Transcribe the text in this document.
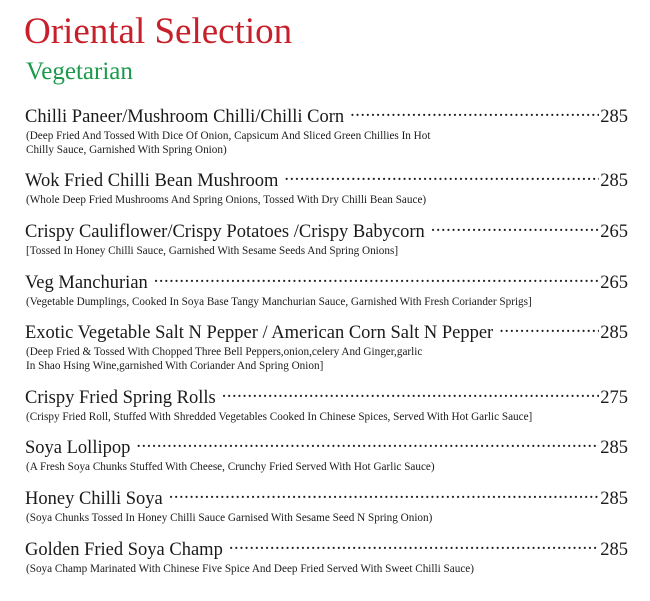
Oriental Selection
Vegetarian
Chilli Paneer/Mushroom Chilli/Chilli Corn .....	285
(Deep Fried And Tossed With Dice Of Onion, Capsicum And Sliced Green Chillies In Hot
Chilly Sauce, Garnished With Spring Onion)
Wok Fried Chilli Bean Mushroom .....	285
(Whole Deep Fried Mushrooms And Spring Onions, Tossed With Dry Chilli Bean Sauce)
Crispy Cauliflower/Crispy Potatoes /Crispy Babycorn .....	265
[Tossed In Honey Chilli Sauce, Garnished With Sesame Seeds And Spring Onions]
Veg Manchurian .....	265
(Vegetable Dumplings, Cooked In Soya Base Tangy Manchurian Sauce, Garnished With Fresh Coriander Sprigs]
Exotic Vegetable Salt N Pepper / American Corn Salt N Pepper .....	285
(Deep Fried & Tossed With Chopped Three Bell Peppers,onion,celery And Ginger,garlic
In Shao Hsing Wine,garnished With Coriander And Spring Onion]
Crispy Fried Spring Rolls .....	275
(Crispy Fried Roll, Stuffed With Shredded Vegetables Cooked In Chinese Spices, Served With Hot Garlic Sauce]
Soya Lollipop .....	285
(A Fresh Soya Chunks Stuffed With Cheese, Crunchy Fried Served With Hot Garlic Sauce)
Honey Chilli Soya .....	285
(Soya Chunks Tossed In Honey Chilli Sauce Garnised With Sesame Seed N Spring Onion)
Golden Fried Soya Champ .....	285
(Soya Champ Marinated With Chinese Five Spice And Deep Fried Served With Sweet Chilli Sauce)
